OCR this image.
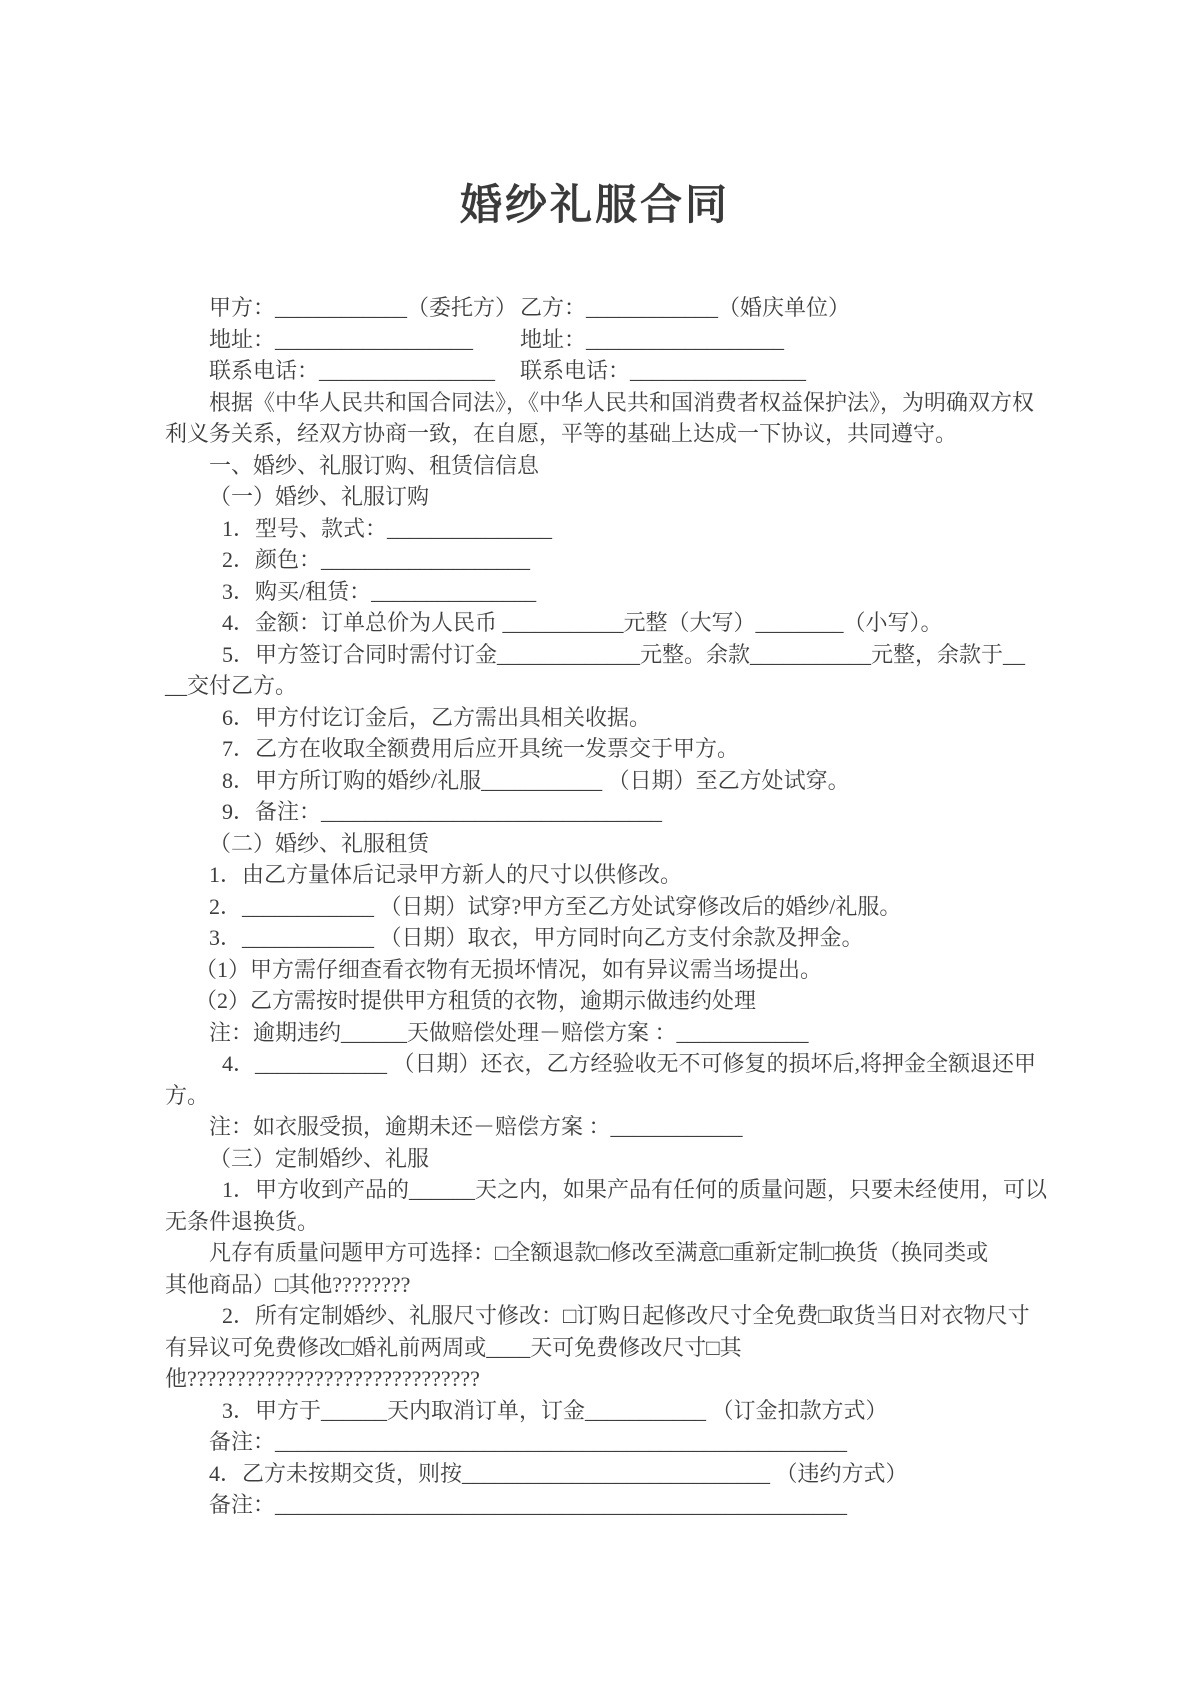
婚纱礼服合同
甲方：____________（委托方） 乙方：____________（婚庆单位）
地址：__________________ 地址：__________________
联系电话：________________ 联系电话：________________
根据《中华人民共和国合同法》，《中华人民共和国消费者权益保护法》，为明确双方权
利义务关系，经双方协商一致，在自愿，平等的基础上达成一下协议，共同遵守。
一、婚纱、礼服订购、租赁信信息
（一）婚纱、礼服订购
1．型号、款式：_______________
2．颜色：___________________
3．购买/租赁：_______________
4．金额：订单总价为人民币 ___________元整（大写）________（小写）。
5．甲方签订合同时需付订金_____________元整。余款___________元整，余款于__
__交付乙方。
6．甲方付讫订金后，乙方需出具相关收据。
7．乙方在收取全额费用后应开具统一发票交于甲方。
8．甲方所订购的婚纱/礼服___________ （日期）至乙方处试穿。
9．备注：_______________________________
（二）婚纱、礼服租赁
1．由乙方量体后记录甲方新人的尺寸以供修改。
2．____________ （日期）试穿?甲方至乙方处试穿修改后的婚纱/礼服。
3．____________ （日期）取衣，甲方同时向乙方支付余款及押金。
（1）甲方需仔细查看衣物有无损坏情况，如有异议需当场提出。
（2）乙方需按时提供甲方租赁的衣物，逾期示做违约处理
注：逾期违约______天做赔偿处理－赔偿方案 ：____________
4．____________ （日期）还衣，乙方经验收无不可修复的损坏后,将押金全额退还甲
方。
注：如衣服受损，逾期未还－赔偿方案 ：____________
（三）定制婚纱、礼服
1．甲方收到产品的______天之内，如果产品有任何的质量问题，只要未经使用，可以
无条件退换货。
凡存有质量问题甲方可选择：□全额退款□修改至满意□重新定制□换货（换同类或
其他商品）□其他????????
2．所有定制婚纱、礼服尺寸修改：□订购日起修改尺寸全免费□取货当日对衣物尺寸
有异议可免费修改□婚礼前两周或____天可免费修改尺寸□其
他??????????????????????????????
3．甲方于______天内取消订单，订金___________ （订金扣款方式）
备注：____________________________________________________
4．乙方未按期交货，则按____________________________ （违约方式）
备注：____________________________________________________
